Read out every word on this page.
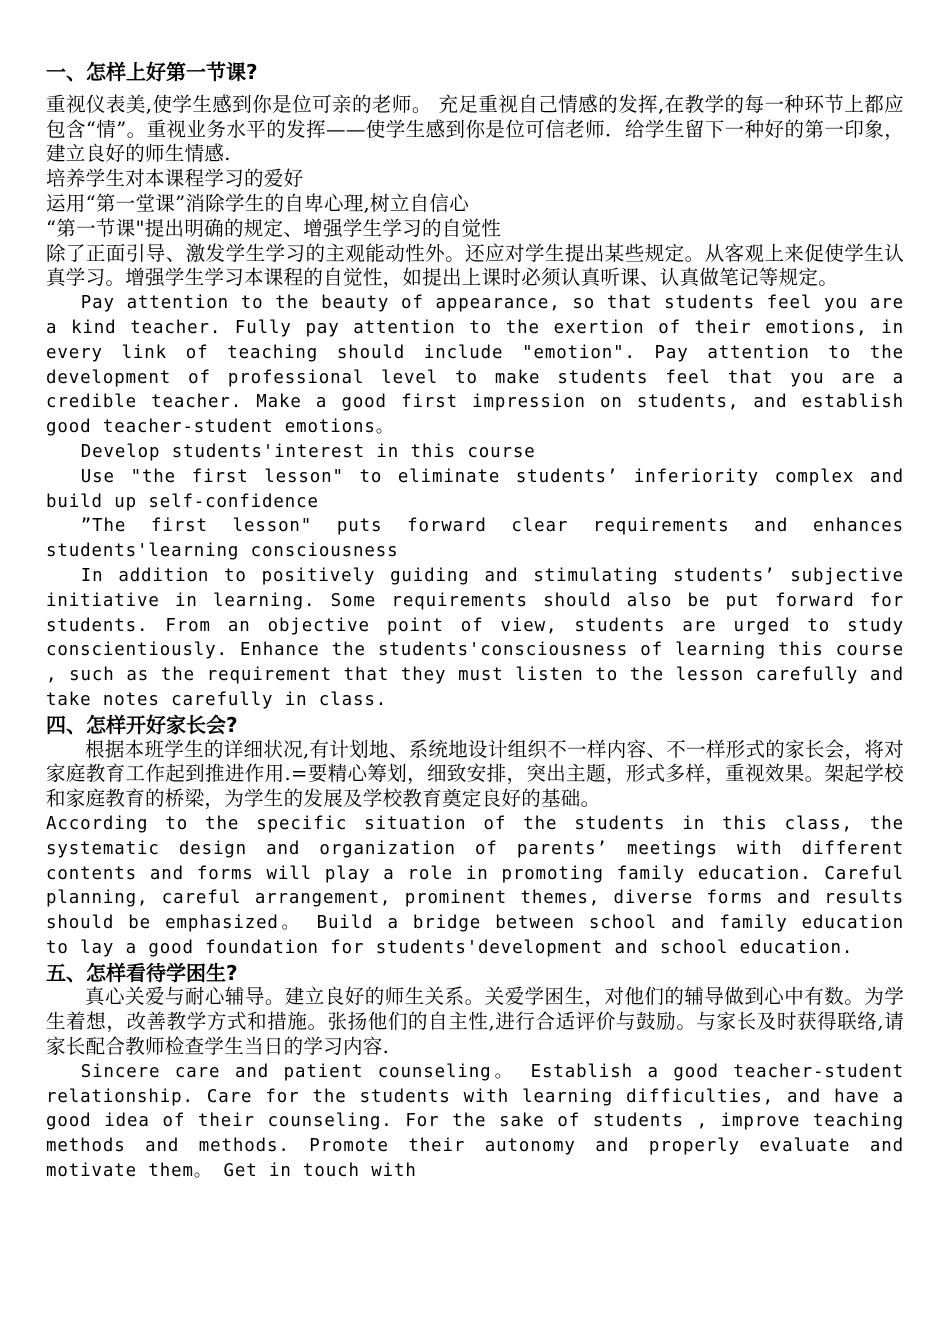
一、怎样上好第一节课?

重视仪表美,使学生感到你是位可亲的老师。 充足重视自己情感的发挥,在教学的每一种环节上都应包含“情”。重视业务水平的发挥——使学生感到你是位可信老师．给学生留下一种好的第一印象，建立良好的师生情感.

培养学生对本课程学习的爱好

运用“第一堂课”消除学生的自卑心理,树立自信心

“第一节课"提出明确的规定、增强学生学习的自觉性

除了正面引导、激发学生学习的主观能动性外。还应对学生提出某些规定。从客观上来促使学生认真学习。增强学生学习本课程的自觉性，如提出上课时必须认真听课、认真做笔记等规定。

Pay attention to the beauty of appearance, so that students feel you are a kind teacher. Fully pay attention to the exertion of their emotions, in every link of teaching should include "emotion". Pay attention to the development of professional level to make students feel that you are a credible teacher. Make a good first impression on students, and establish good teacher-student emotions。

Develop students'interest in this course

Use "the first lesson" to eliminate students’ inferiority complex and build up self-confidence

”The first lesson" puts forward clear requirements and enhances students'learning consciousness

In addition to positively guiding and stimulating students’ subjective initiative in learning. Some requirements should also be put forward for students. From an objective point of view, students are urged to study conscientiously. Enhance the students'consciousness of learning this course , such as the requirement that they must listen to the lesson carefully and take notes carefully in class.

四、怎样开好家长会?

根据本班学生的详细状况,有计划地、系统地设计组织不一样内容、不一样形式的家长会，将对家庭教育工作起到推进作用.=要精心筹划，细致安排，突出主题，形式多样，重视效果。架起学校和家庭教育的桥梁，为学生的发展及学校教育奠定良好的基础。

According to the specific situation of the students in this class, the systematic design and organization of parents’ meetings with different contents and forms will play a role in promoting family education. Careful planning, careful arrangement, prominent themes, diverse forms and results should be emphasized。 Build a bridge between school and family education to lay a good foundation for students'development and school education.

五、怎样看待学困生?

真心关爱与耐心辅导。建立良好的师生关系。关爱学困生，对他们的辅导做到心中有数。为学生着想，改善教学方式和措施。张扬他们的自主性,进行合适评价与鼓励。与家长及时获得联络,请家长配合教师检查学生当日的学习内容.

Sincere care and patient counseling。 Establish a good teacher-student relationship. Care for the students with learning difficulties, and have a good idea of their counseling. For the sake of students , improve teaching methods and methods. Promote their autonomy and properly evaluate and motivate them。 Get in touch with
